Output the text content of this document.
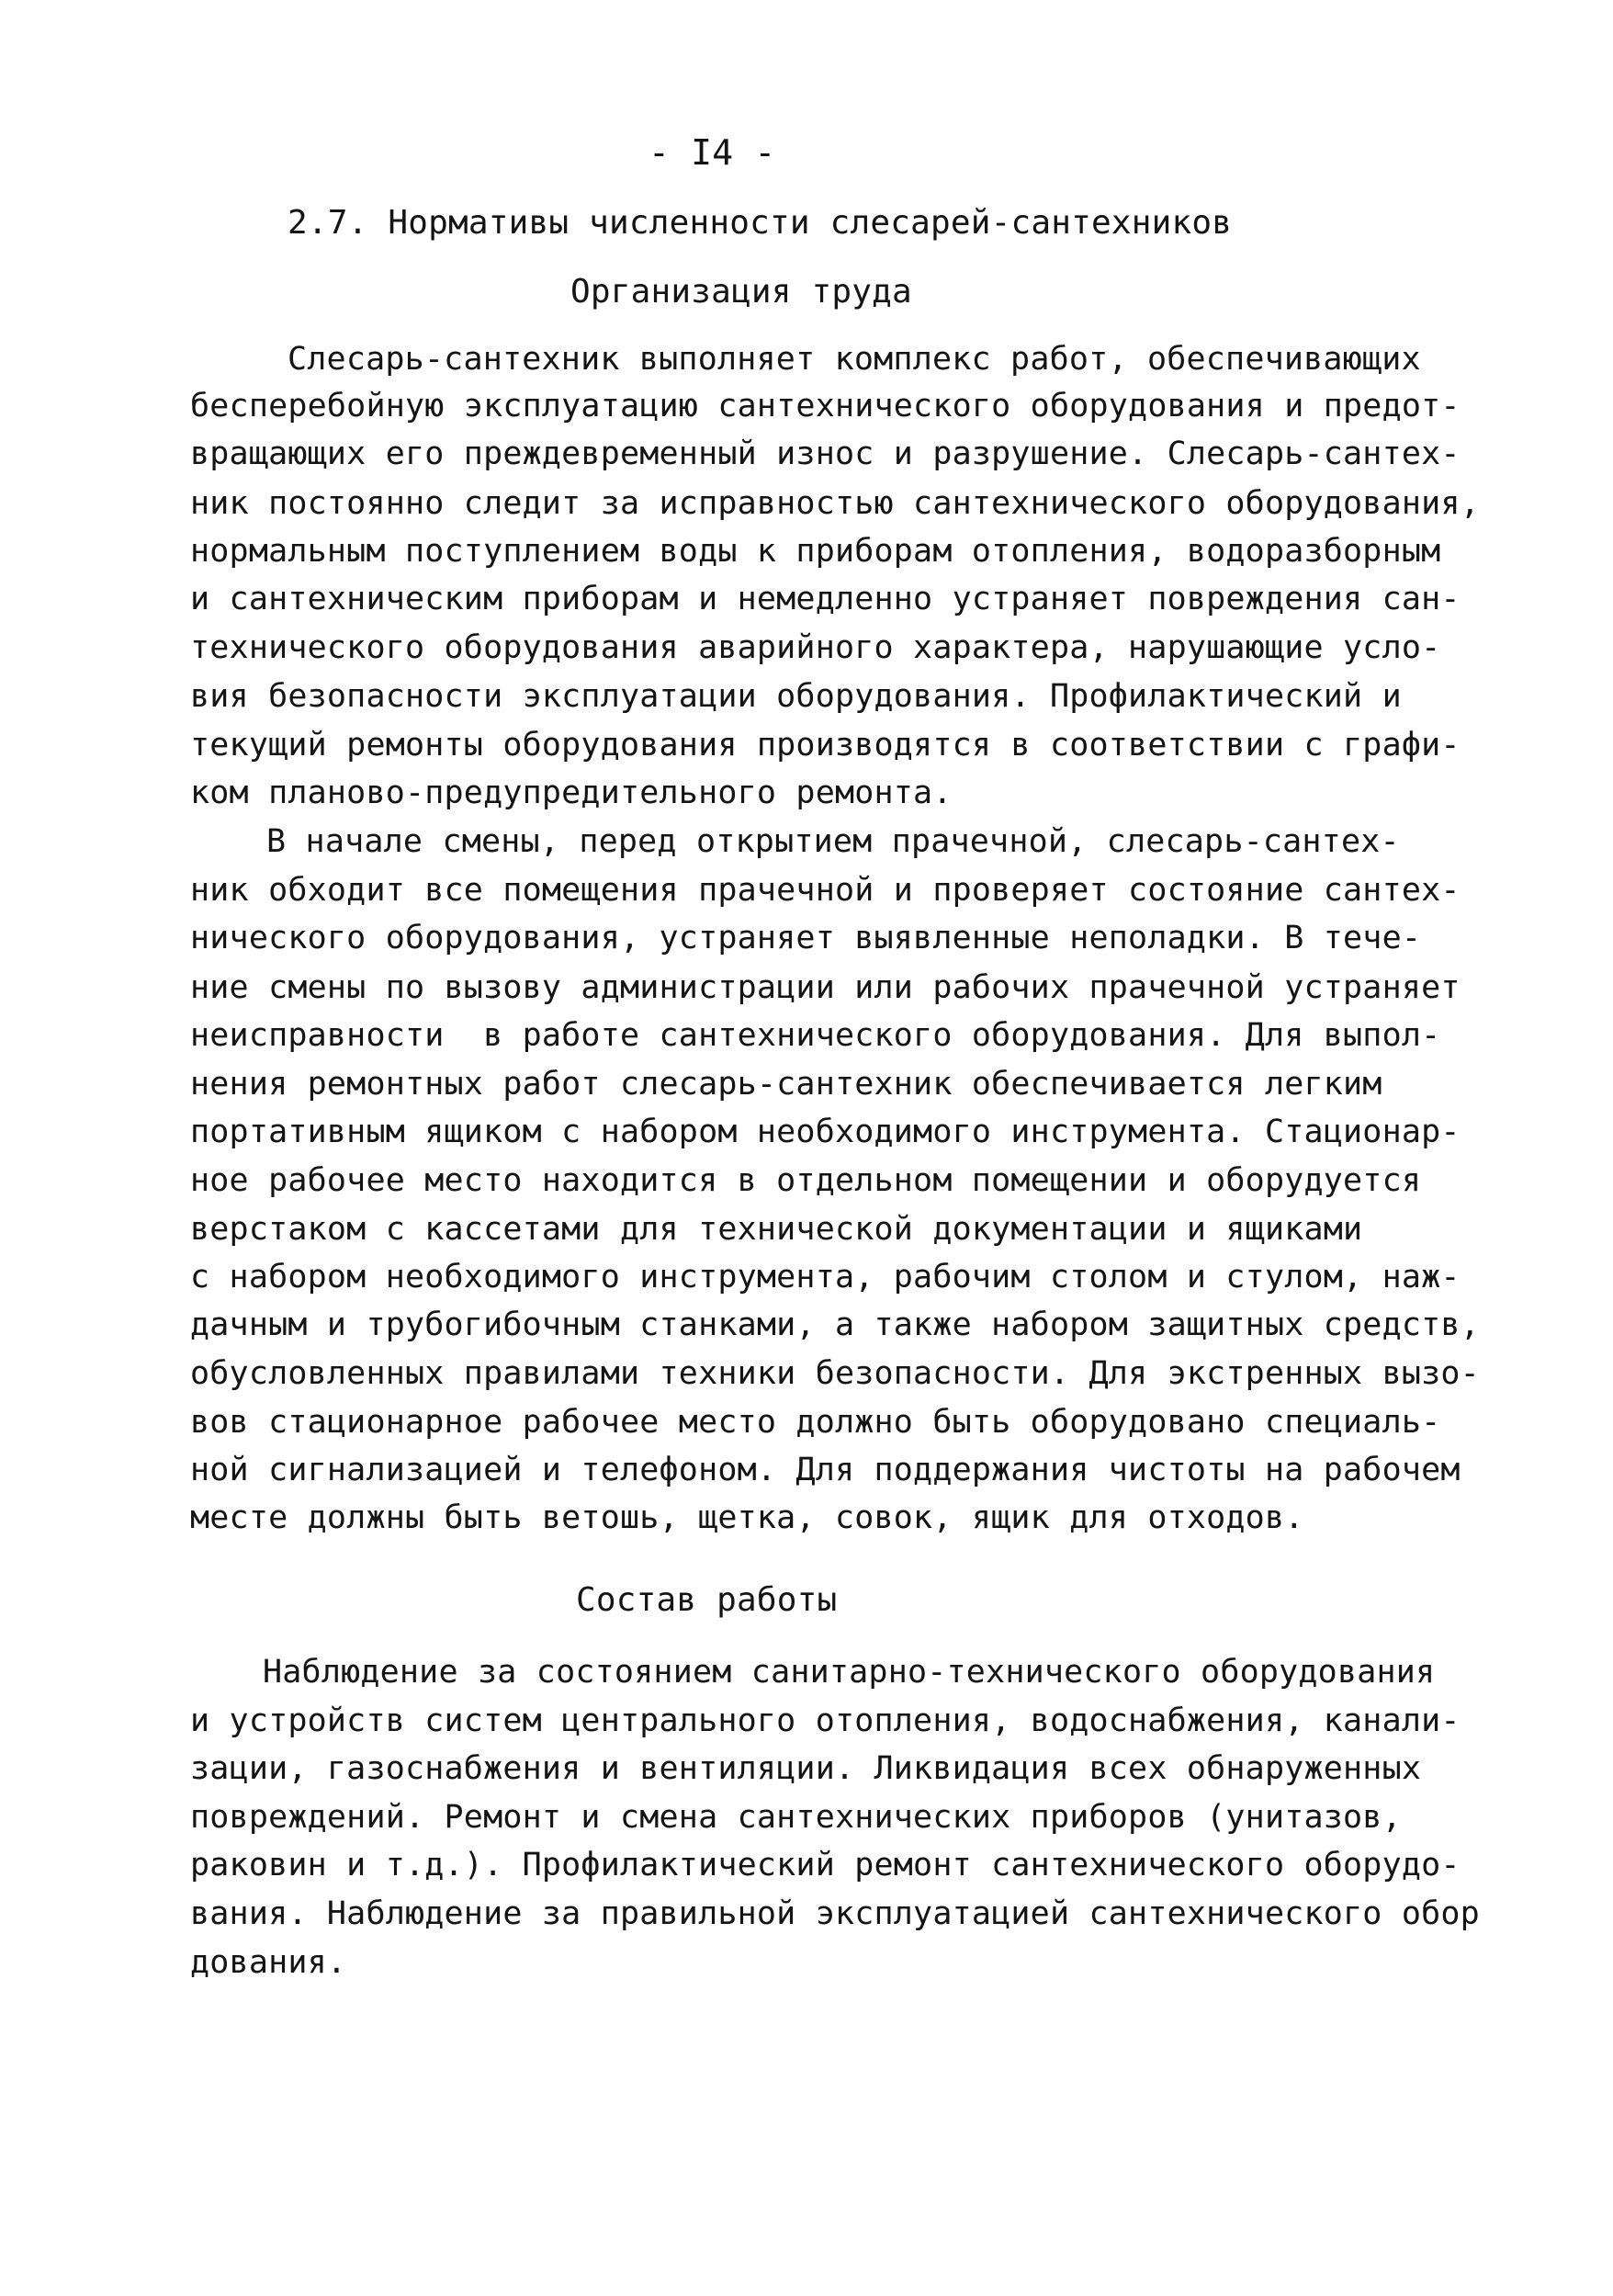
- I4 -
2.7. Нормативы численности слесарей-сантехников
Организация труда
Слесарь-сантехник выполняет комплекс работ, обеспечивающих
бесперебойную эксплуатацию сантехнического оборудования и предот-
вращающих его преждевременный износ и разрушение. Слесарь-сантех-
ник постоянно следит за исправностью сантехнического оборудования,
нормальным поступлением воды к приборам отопления, водоразборным
и сантехническим приборам и немедленно устраняет повреждения сан-
технического оборудования аварийного характера, нарушающие усло-
вия безопасности эксплуатации оборудования. Профилактический и
текущий ремонты оборудования производятся в соответствии с графи-
ком планово-предупредительного ремонта.
В начале смены, перед открытием прачечной, слесарь-сантех-
ник обходит все помещения прачечной и проверяет состояние сантех-
нического оборудования, устраняет выявленные неполадки. В тече-
ние смены по вызову администрации или рабочих прачечной устраняет
неисправности  в работе сантехнического оборудования. Для выпол-
нения ремонтных работ слесарь-сантехник обеспечивается легким
портативным ящиком с набором необходимого инструмента. Стационар-
ное рабочее место находится в отдельном помещении и оборудуется
верстаком с кассетами для технической документации и ящиками
с набором необходимого инструмента, рабочим столом и стулом, наж-
дачным и трубогибочным станками, а также набором защитных средств,
обусловленных правилами техники безопасности. Для экстренных вызо-
вов стационарное рабочее место должно быть оборудовано специаль-
ной сигнализацией и телефоном. Для поддержания чистоты на рабочем
месте должны быть ветошь, щетка, совок, ящик для отходов.
Состав работы
Наблюдение за состоянием санитарно-технического оборудования
и устройств систем центрального отопления, водоснабжения, канали-
зации, газоснабжения и вентиляции. Ликвидация всех обнаруженных
повреждений. Ремонт и смена сантехнических приборов (унитазов,
раковин и т.д.). Профилактический ремонт сантехнического оборудо-
вания. Наблюдение за правильной эксплуатацией сантехнического обор
дования.
